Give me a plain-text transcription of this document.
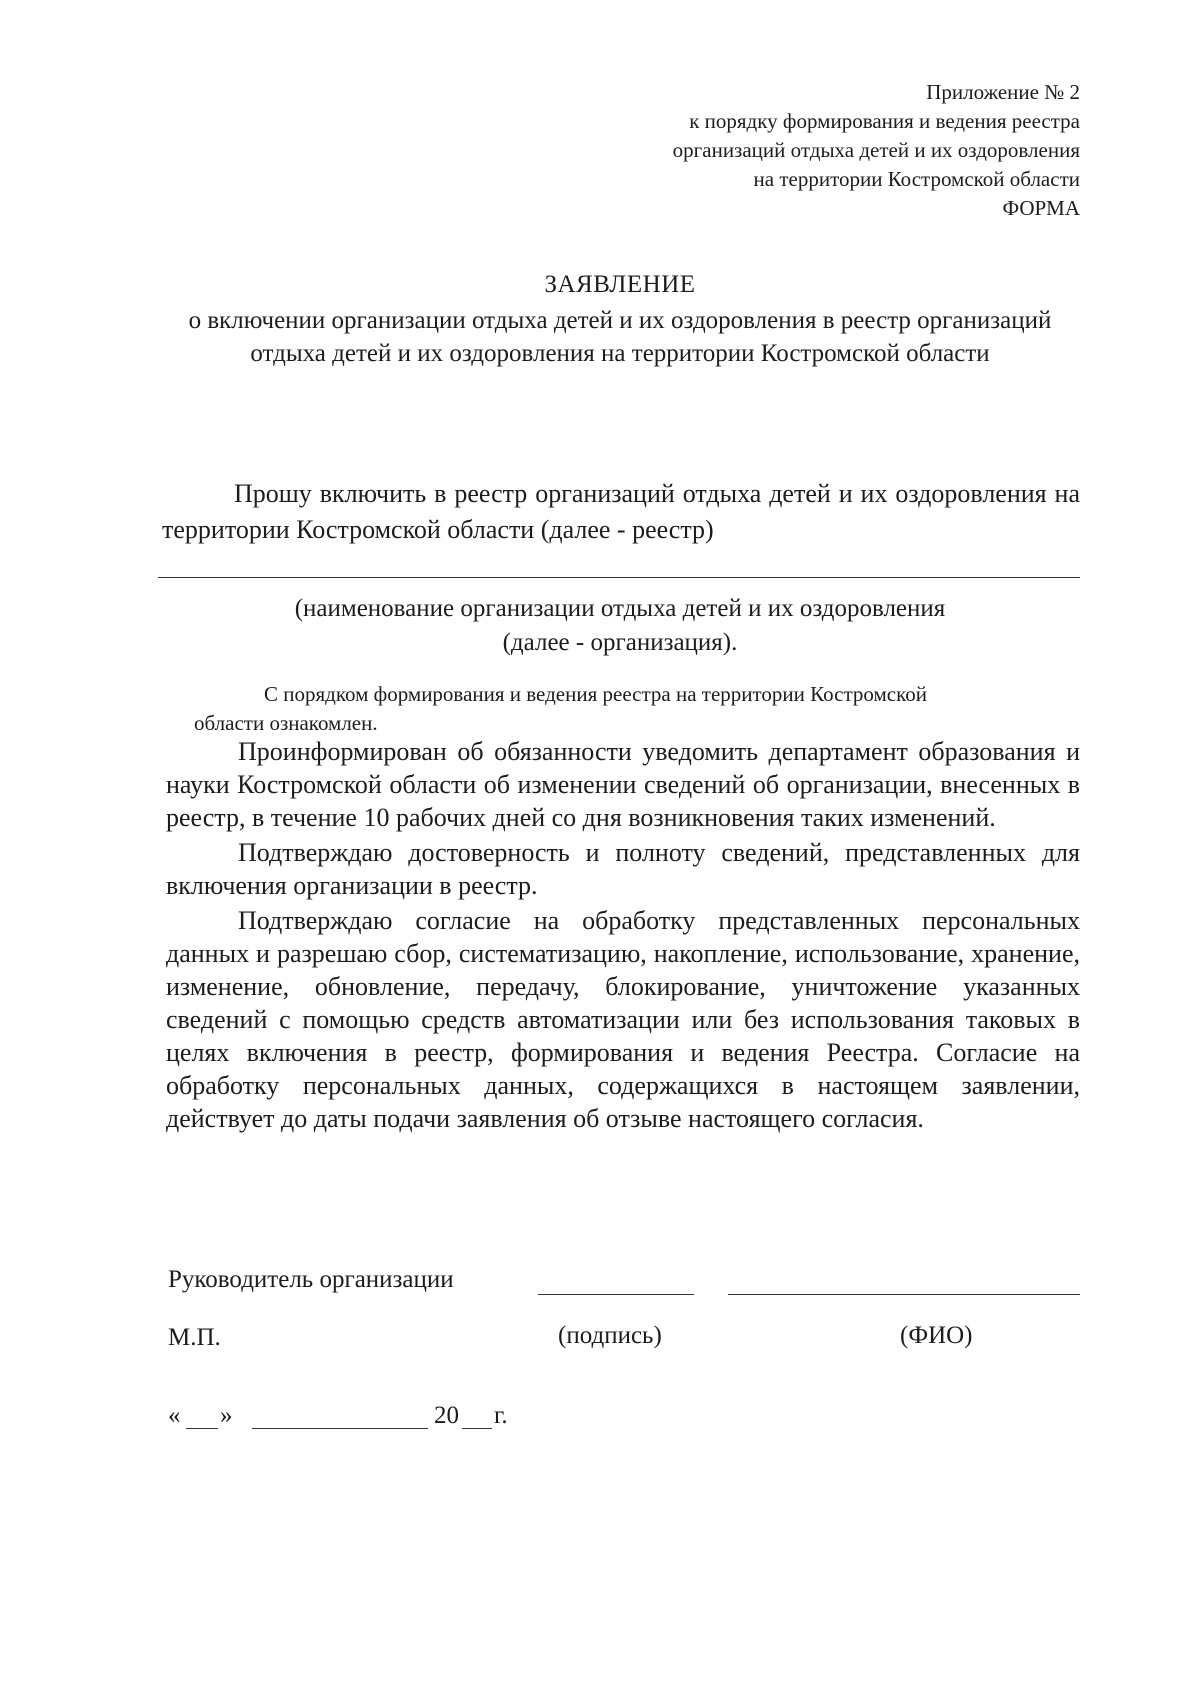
Приложение № 2
к порядку формирования и ведения реестра
организаций отдыха детей и их оздоровления
на территории Костромской области
ФОРМА
ЗАЯВЛЕНИЕ
о включении организации отдыха детей и их оздоровления в реестр организаций отдыха детей и их оздоровления на территории Костромской области
Прошу включить в реестр организаций отдыха детей и их оздоровления на территории Костромской области (далее - реестр)
(наименование организации отдыха детей и их оздоровления
(далее - организация).
С порядком формирования и ведения реестра на территории Костромской
области ознакомлен.

Проинформирован об обязанности уведомить департамент образования и науки Костромской области об изменении сведений об организации, внесенных в реестр, в течение 10 рабочих дней со дня возникновения таких изменений.

Подтверждаю достоверность и полноту сведений, представленных для включения организации в реестр.

Подтверждаю согласие на обработку представленных персональных данных и разрешаю сбор, систематизацию, накопление, использование, хранение, изменение, обновление, передачу, блокирование, уничтожение указанных сведений с помощью средств автоматизации или без использования таковых в целях включения в реестр, формирования и ведения Реестра. Согласие на обработку персональных данных, содержащихся в настоящем заявлении, действует до даты подачи заявления об отзыве настоящего согласия.

Руководитель организации
М.П.	(подпись)	(ФИО)
« »	20 г.
